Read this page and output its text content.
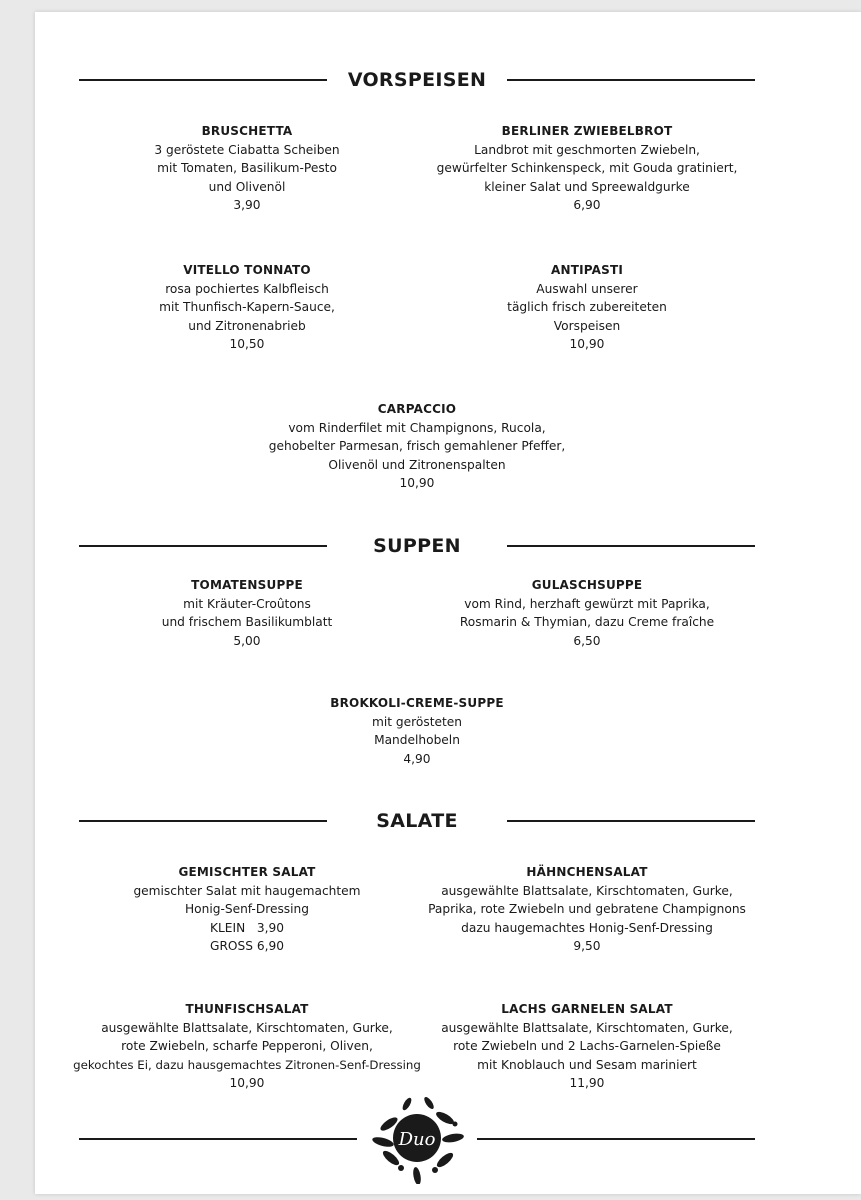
VORSPEISEN
BRUSCHETTA
3 geröstete Ciabatta Scheiben
mit Tomaten, Basilikum-Pesto
und Olivenöl
3,90
BERLINER ZWIEBELBROT
Landbrot mit geschmorten Zwiebeln,
gewürfelter Schinkenspeck, mit Gouda gratiniert,
kleiner Salat und Spreewaldgurke
6,90
VITELLO TONNATO
rosa pochiertes Kalbfleisch
mit Thunfisch-Kapern-Sauce,
und Zitronenabrieb
10,50
ANTIPASTI
Auswahl unserer
täglich frisch zubereiteten
Vorspeisen
10,90
CARPACCIO
vom Rinderfilet mit Champignons, Rucola,
gehobelter Parmesan, frisch gemahlener Pfeffer,
Olivenöl und Zitronenspalten
10,90
SUPPEN
TOMATENSUPPE
mit Kräuter-Croûtons
und frischem Basilikumblatt
5,00
GULASCHSUPPE
vom Rind, herzhaft gewürzt mit Paprika,
Rosmarin & Thymian, dazu Creme fraîche
6,50
BROKKOLI-CREME-SUPPE
mit gerösteten
Mandelhobeln
4,90
SALATE
GEMISCHTER SALAT
gemischter Salat mit haugemachtem
Honig-Senf-Dressing
KLEIN   3,90
GROSS 6,90
HÄHNCHENSALAT
ausgewählte Blattsalate, Kirschtomaten, Gurke,
Paprika, rote Zwiebeln und gebratene Champignons
dazu haugemachtes Honig-Senf-Dressing
9,50
THUNFISCHSALAT
ausgewählte Blattsalate, Kirschtomaten, Gurke,
rote Zwiebeln, scharfe Pepperoni, Oliven,
gekochtes Ei, dazu hausgemachtes Zitronen-Senf-Dressing
10,90
LACHS GARNELEN SALAT
ausgewählte Blattsalate, Kirschtomaten, Gurke,
rote Zwiebeln und 2 Lachs-Garnelen-Spieße
mit Knoblauch und Sesam mariniert
11,90
Duo
